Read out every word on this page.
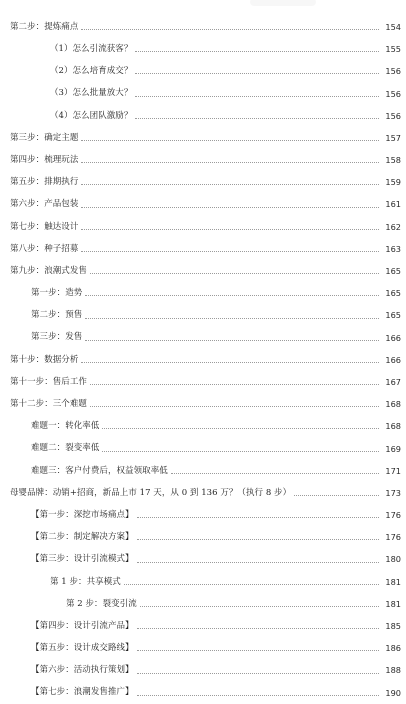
第二步：提炼痛点	154
（1）怎么引流获客？	155
（2）怎么培育成交？	156
（3）怎么批量放大？	156
（4）怎么团队激励？	156
第三步：确定主题	157
第四步：梳理玩法	158
第五步：排期执行	159
第六步：产品包装	161
第七步：触达设计	162
第八步：种子招募	163
第九步：浪潮式发售	165
第一步：造势	165
第二步：预售	165
第三步：发售	166
第十步：数据分析	166
第十一步：售后工作	167
第十二步：三个难题	168
难题一：转化率低	168
难题二：裂变率低	169
难题三：客户付费后，权益领取率低	171
母婴品牌：动销+招商，新品上市 17 天，从 0 到 136 万？（执行 8 步）	173
【第一步：深挖市场痛点】	176
【第二步：制定解决方案】	176
【第三步：设计引流模式】	180
第 1 步：共享模式	181
第 2 步：裂变引流	181
【第四步：设计引流产品】	185
【第五步：设计成交路线】	186
【第六步：活动执行策划】	188
【第七步：浪潮发售推广】	190
